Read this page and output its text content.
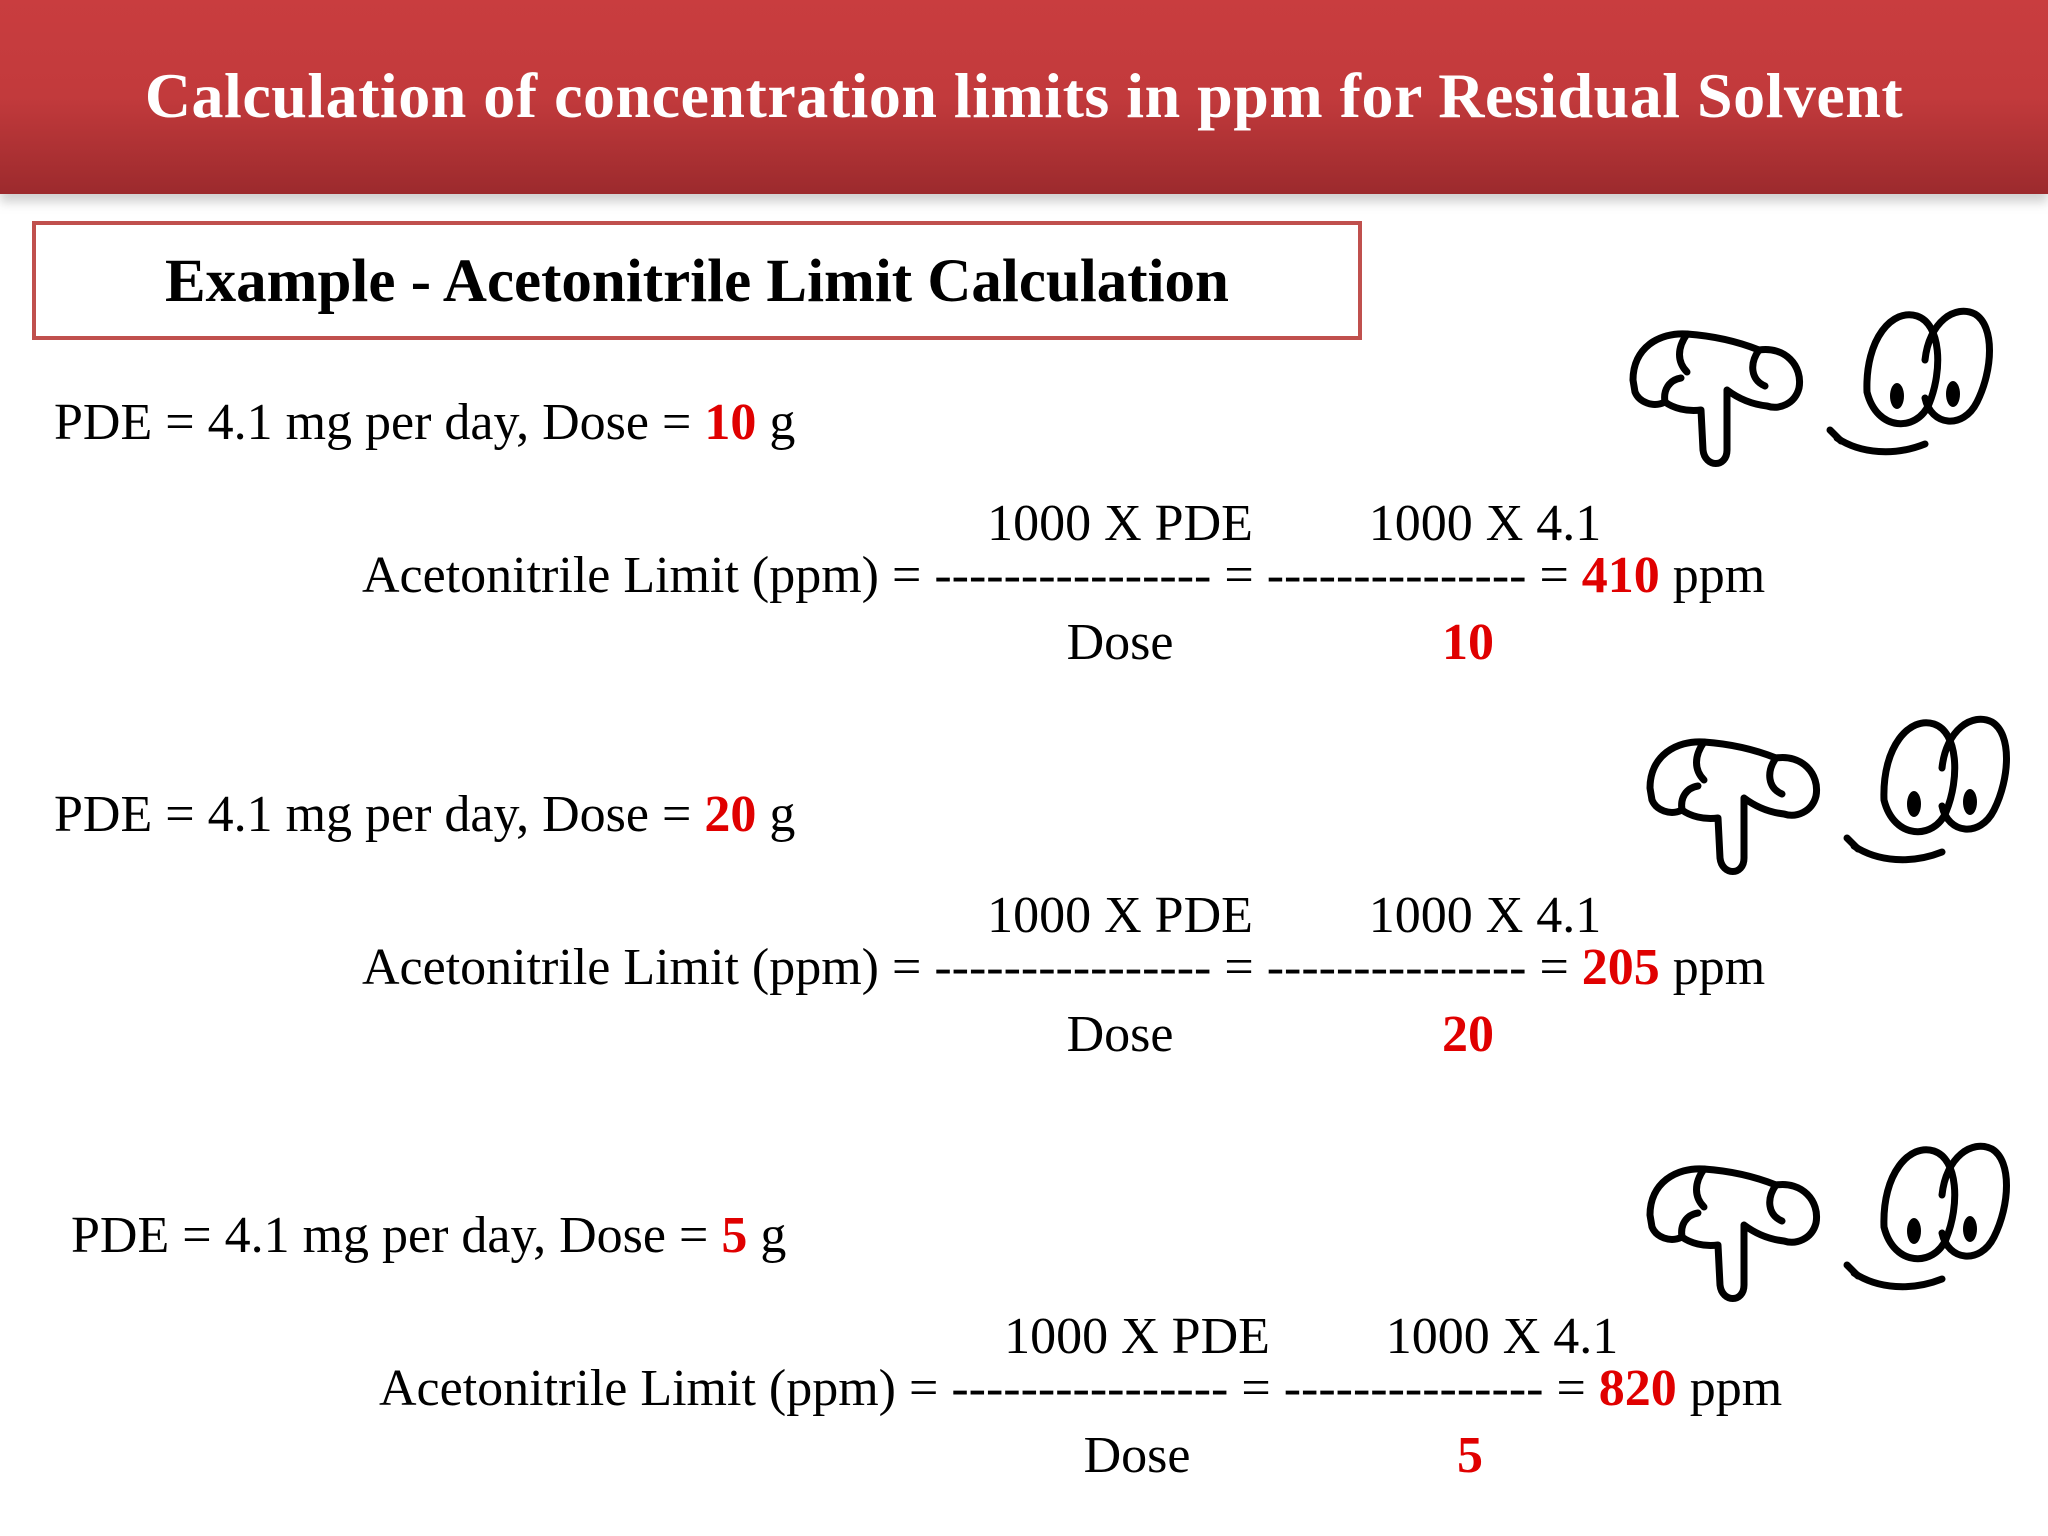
Calculation of concentration limits in ppm for Residual Solvent
Example - Acetonitrile Limit Calculation
PDE = 4.1 mg per day, Dose = 10 g
1000 X PDE	1000 X 4.1
Acetonitrile Limit (ppm) = ---------------- = --------------- = 410 ppm
Dose	10
PDE = 4.1 mg per day, Dose = 20 g
1000 X PDE	1000 X 4.1
Acetonitrile Limit (ppm) = ---------------- = --------------- = 205 ppm
Dose	20
PDE = 4.1 mg per day, Dose = 5 g
1000 X PDE	1000 X 4.1
Acetonitrile Limit (ppm) = ---------------- = --------------- = 820 ppm
Dose	5
